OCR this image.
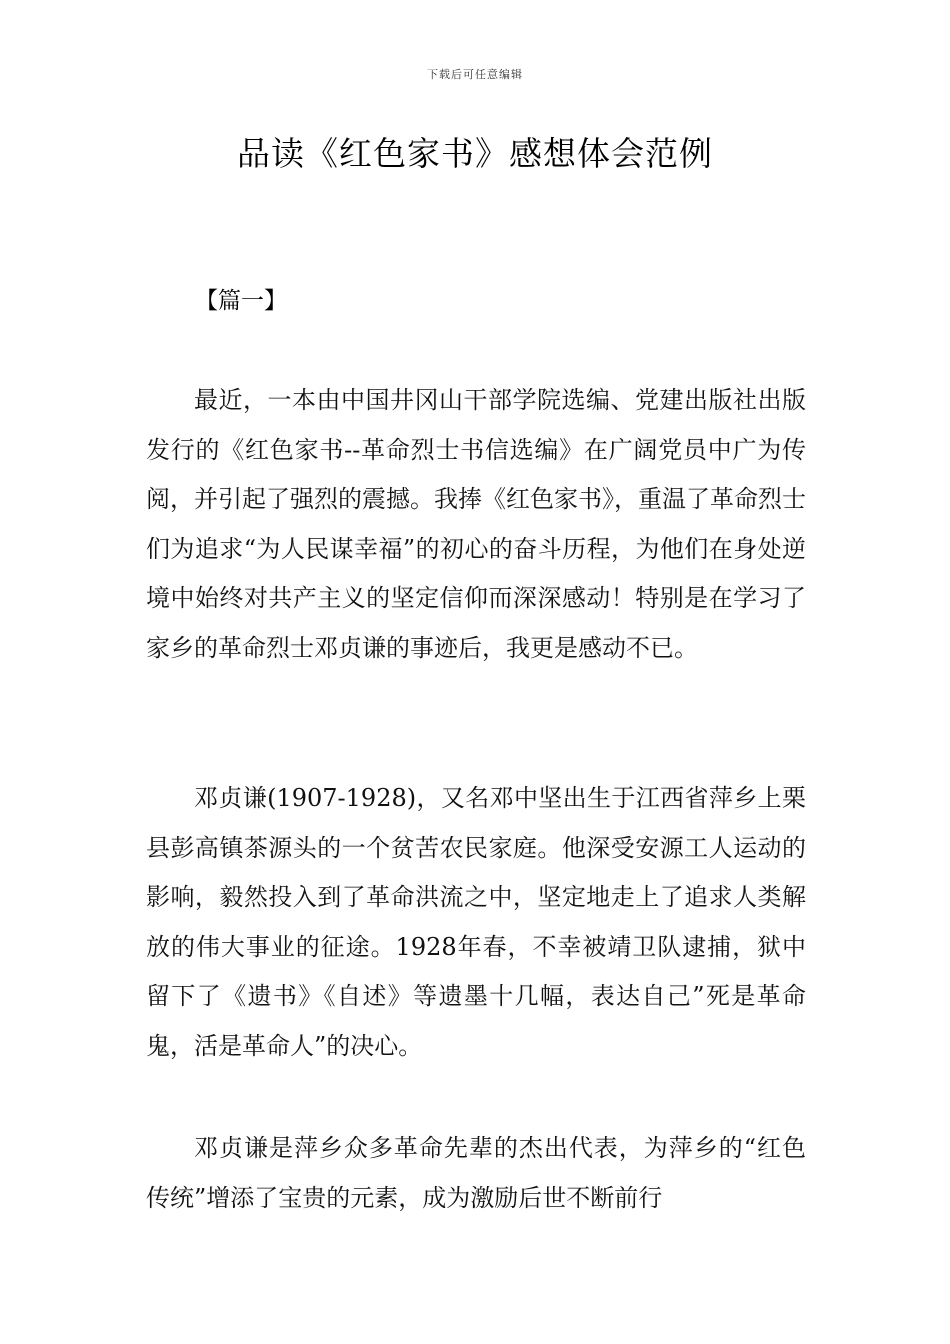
下载后可任意编辑
品读《红色家书》感想体会范例
【篇一】

最近，一本由中国井冈山干部学院选编、党建出版社出版发行的《红色家书--革命烈士书信选编》在广阔党员中广为传阅，并引起了强烈的震撼。我捧《红色家书》，重温了革命烈士们为追求“为人民谋幸福”的初心的奋斗历程，为他们在身处逆境中始终对共产主义的坚定信仰而深深感动！特别是在学习了家乡的革命烈士邓贞谦的事迹后，我更是感动不已。

邓贞谦(1907-1928)，又名邓中坚出生于江西省萍乡上栗县彭高镇茶源头的一个贫苦农民家庭。他深受安源工人运动的影响，毅然投入到了革命洪流之中，坚定地走上了追求人类解放的伟大事业的征途。1928年春，不幸被靖卫队逮捕，狱中留下了《遗书》《自述》等遗墨十几幅，表达自己”死是革命鬼，活是革命人”的决心。

邓贞谦是萍乡众多革命先辈的杰出代表，为萍乡的“红色传统”增添了宝贵的元素，成为激励后世不断前行
